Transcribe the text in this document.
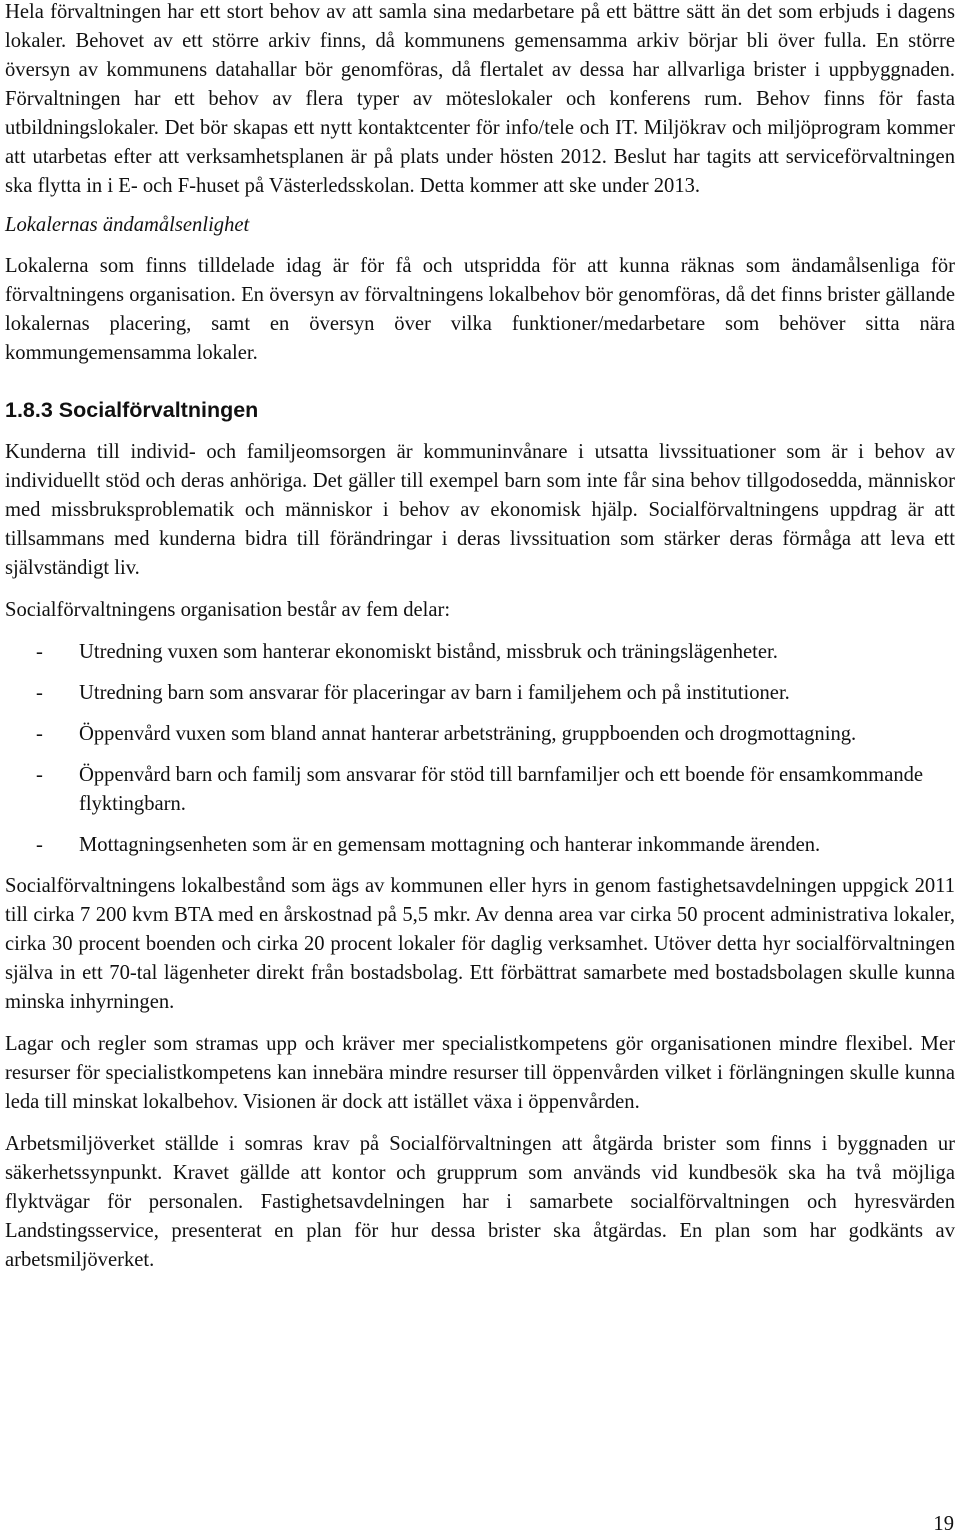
Hela förvaltningen har ett stort behov av att samla sina medarbetare på ett bättre sätt än det som erbjuds i dagens lokaler. Behovet av ett större arkiv finns, då kommunens gemensamma arkiv börjar bli över fulla. En större översyn av kommunens datahallar bör genomföras, då flertalet av dessa har allvarliga brister i uppbyggnaden. Förvaltningen har ett behov av flera typer av möteslokaler och konferens rum. Behov finns för fasta utbildningslokaler. Det bör skapas ett nytt kontaktcenter för info/tele och IT. Miljökrav och miljöprogram kommer att utarbetas efter att verksamhetsplanen är på plats under hösten 2012. Beslut har tagits att serviceförvaltningen ska flytta in i E- och F-huset på Västerledsskolan. Detta kommer att ske under 2013.

Lokalernas ändamålsenlighet

Lokalerna som finns tilldelade idag är för få och utspridda för att kunna räknas som ändamålsenliga för förvaltningens organisation. En översyn av förvaltningens lokalbehov bör genomföras, då det finns brister gällande lokalernas placering, samt en översyn över vilka funktioner/medarbetare som behöver sitta nära kommungemensamma lokaler.

1.8.3 Socialförvaltningen

Kunderna till individ- och familjeomsorgen är kommuninvånare i utsatta livssituationer som är i behov av individuellt stöd och deras anhöriga. Det gäller till exempel barn som inte får sina behov tillgodosedda, människor med missbruksproblematik och människor i behov av ekonomisk hjälp. Socialförvaltningens uppdrag är att tillsammans med kunderna bidra till förändringar i deras livssituation som stärker deras förmåga att leva ett självständigt liv.

Socialförvaltningens organisation består av fem delar:

- Utredning vuxen som hanterar ekonomiskt bistånd, missbruk och träningslägenheter.
- Utredning barn som ansvarar för placeringar av barn i familjehem och på institutioner.
- Öppenvård vuxen som bland annat hanterar arbetsträning, gruppboenden och drogmottagning.
- Öppenvård barn och familj som ansvarar för stöd till barnfamiljer och ett boende för ensamkommande flyktingbarn.
- Mottagningsenheten som är en gemensam mottagning och hanterar inkommande ärenden.

Socialförvaltningens lokalbestånd som ägs av kommunen eller hyrs in genom fastighetsavdelningen uppgick 2011 till cirka 7 200 kvm BTA med en årskostnad på 5,5 mkr. Av denna area var cirka 50 procent administrativa lokaler, cirka 30 procent boenden och cirka 20 procent lokaler för daglig verksamhet. Utöver detta hyr socialförvaltningen själva in ett 70-tal lägenheter direkt från bostadsbolag. Ett förbättrat samarbete med bostadsbolagen skulle kunna minska inhyrningen.

Lagar och regler som stramas upp och kräver mer specialistkompetens gör organisationen mindre flexibel. Mer resurser för specialistkompetens kan innebära mindre resurser till öppenvården vilket i förlängningen skulle kunna leda till minskat lokalbehov. Visionen är dock att istället växa i öppenvården.

Arbetsmiljöverket ställde i somras krav på Socialförvaltningen att åtgärda brister som finns i byggnaden ur säkerhetssynpunkt. Kravet gällde att kontor och grupprum som används vid kundbesök ska ha två möjliga flyktvägar för personalen. Fastighetsavdelningen har i samarbete socialförvaltningen och hyresvärden Landstingsservice, presenterat en plan för hur dessa brister ska åtgärdas. En plan som har godkänts av arbetsmiljöverket.

19
